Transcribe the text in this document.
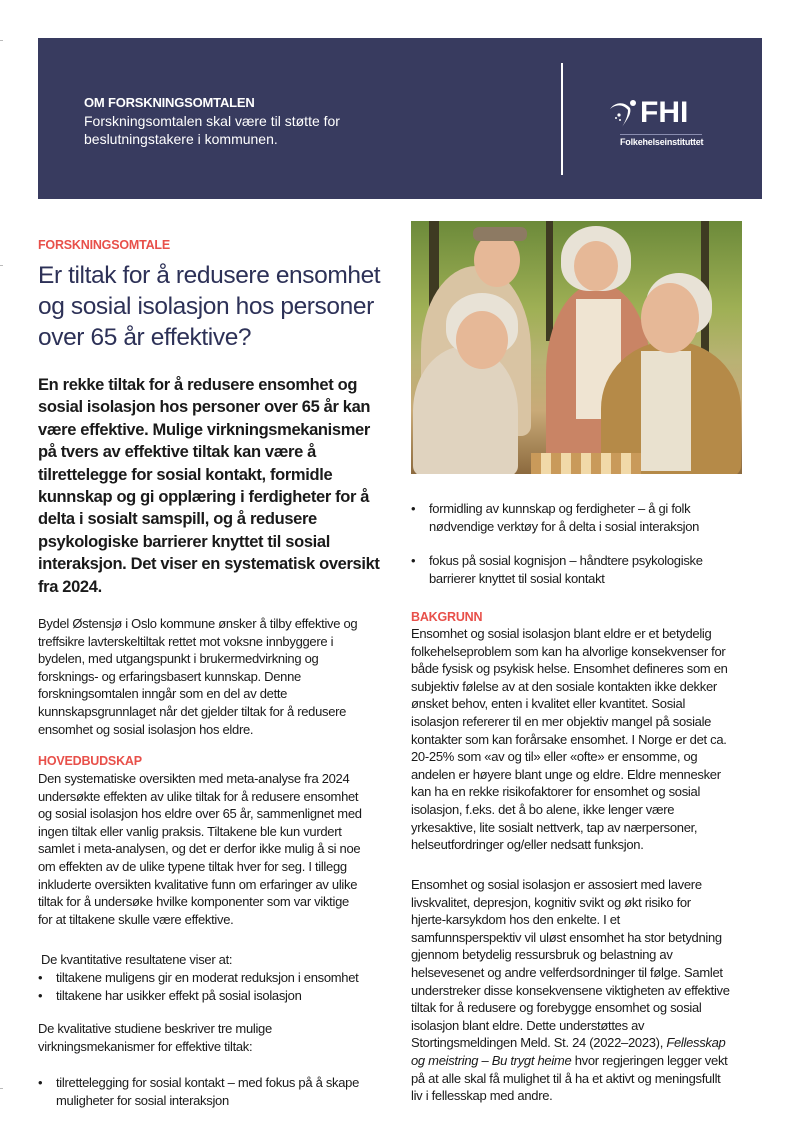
OM FORSKNINGSOMTALEN
Forskningsomtalen skal være til støtte for
beslutningstakere i kommunen.
FHI
Folkehelseinstituttet
FORSKNINGSOMTALE
Er tiltak for å redusere ensomhet
og sosial isolasjon hos personer
over 65 år effektive?
En rekke tiltak for å redusere ensomhet og
sosial isolasjon hos personer over 65 år kan
være effektive. Mulige virkningsmekanismer
på tvers av effektive tiltak kan være å
tilrettelegge for sosial kontakt, formidle
kunnskap og gi opplæring i ferdigheter for å
delta i sosialt samspill, og å redusere
psykologiske barrierer knyttet til sosial
interaksjon. Det viser en systematisk oversikt
fra 2024.
Bydel Østensjø i Oslo kommune ønsker å tilby effektive og
treffsikre lavterskeltiltak rettet mot voksne innbyggere i
bydelen, med utgangspunkt i brukermedvirkning og
forsknings- og erfaringsbasert kunnskap. Denne
forskningsomtalen inngår som en del av dette
kunnskapsgrunnlaget når det gjelder tiltak for å redusere
ensomhet og sosial isolasjon hos eldre.
HOVEDBUDSKAP
Den systematiske oversikten med meta-analyse fra 2024
undersøkte effekten av ulike tiltak for å redusere ensomhet
og sosial isolasjon hos eldre over 65 år, sammenlignet med
ingen tiltak eller vanlig praksis. Tiltakene ble kun vurdert
samlet i meta-analysen, og det er derfor ikke mulig å si noe
om effekten av de ulike typene tiltak hver for seg. I tillegg
inkluderte oversikten kvalitative funn om erfaringer av ulike
tiltak for å undersøke hvilke komponenter som var viktige
for at tiltakene skulle være effektive.
De kvantitative resultatene viser at:
• tiltakene muligens gir en moderat reduksjon i ensomhet
• tiltakene har usikker effekt på sosial isolasjon
De kvalitative studiene beskriver tre mulige
virkningsmekanismer for effektive tiltak:
• tilrettelegging for sosial kontakt – med fokus på å skape
muligheter for sosial interaksjon
• formidling av kunnskap og ferdigheter – å gi folk
nødvendige verktøy for å delta i sosial interaksjon
• fokus på sosial kognisjon – håndtere psykologiske
barrierer knyttet til sosial kontakt
BAKGRUNN
Ensomhet og sosial isolasjon blant eldre er et betydelig
folkehelseproblem som kan ha alvorlige konsekvenser for
både fysisk og psykisk helse. Ensomhet defineres som en
subjektiv følelse av at den sosiale kontakten ikke dekker
ønsket behov, enten i kvalitet eller kvantitet. Sosial
isolasjon refererer til en mer objektiv mangel på sosiale
kontakter som kan forårsake ensomhet. I Norge er det ca.
20-25% som «av og til» eller «ofte» er ensomme, og
andelen er høyere blant unge og eldre. Eldre mennesker
kan ha en rekke risikofaktorer for ensomhet og sosial
isolasjon, f.eks. det å bo alene, ikke lenger være
yrkesaktive, lite sosialt nettverk, tap av nærpersoner,
helseutfordringer og/eller nedsatt funksjon.
Ensomhet og sosial isolasjon er assosiert med lavere
livskvalitet, depresjon, kognitiv svikt og økt risiko for
hjerte-karsykdom hos den enkelte. I et
samfunnsperspektiv vil uløst ensomhet ha stor betydning
gjennom betydelig ressursbruk og belastning av
helsevesenet og andre velferdsordninger til følge. Samlet
understreker disse konsekvensene viktigheten av effektive
tiltak for å redusere og forebygge ensomhet og sosial
isolasjon blant eldre. Dette understøttes av
Stortingsmeldingen Meld. St. 24 (2022–2023), Fellesskap
og meistring – Bu trygt heime hvor regjeringen legger vekt
på at alle skal få mulighet til å ha et aktivt og meningsfullt
liv i fellesskap med andre.
